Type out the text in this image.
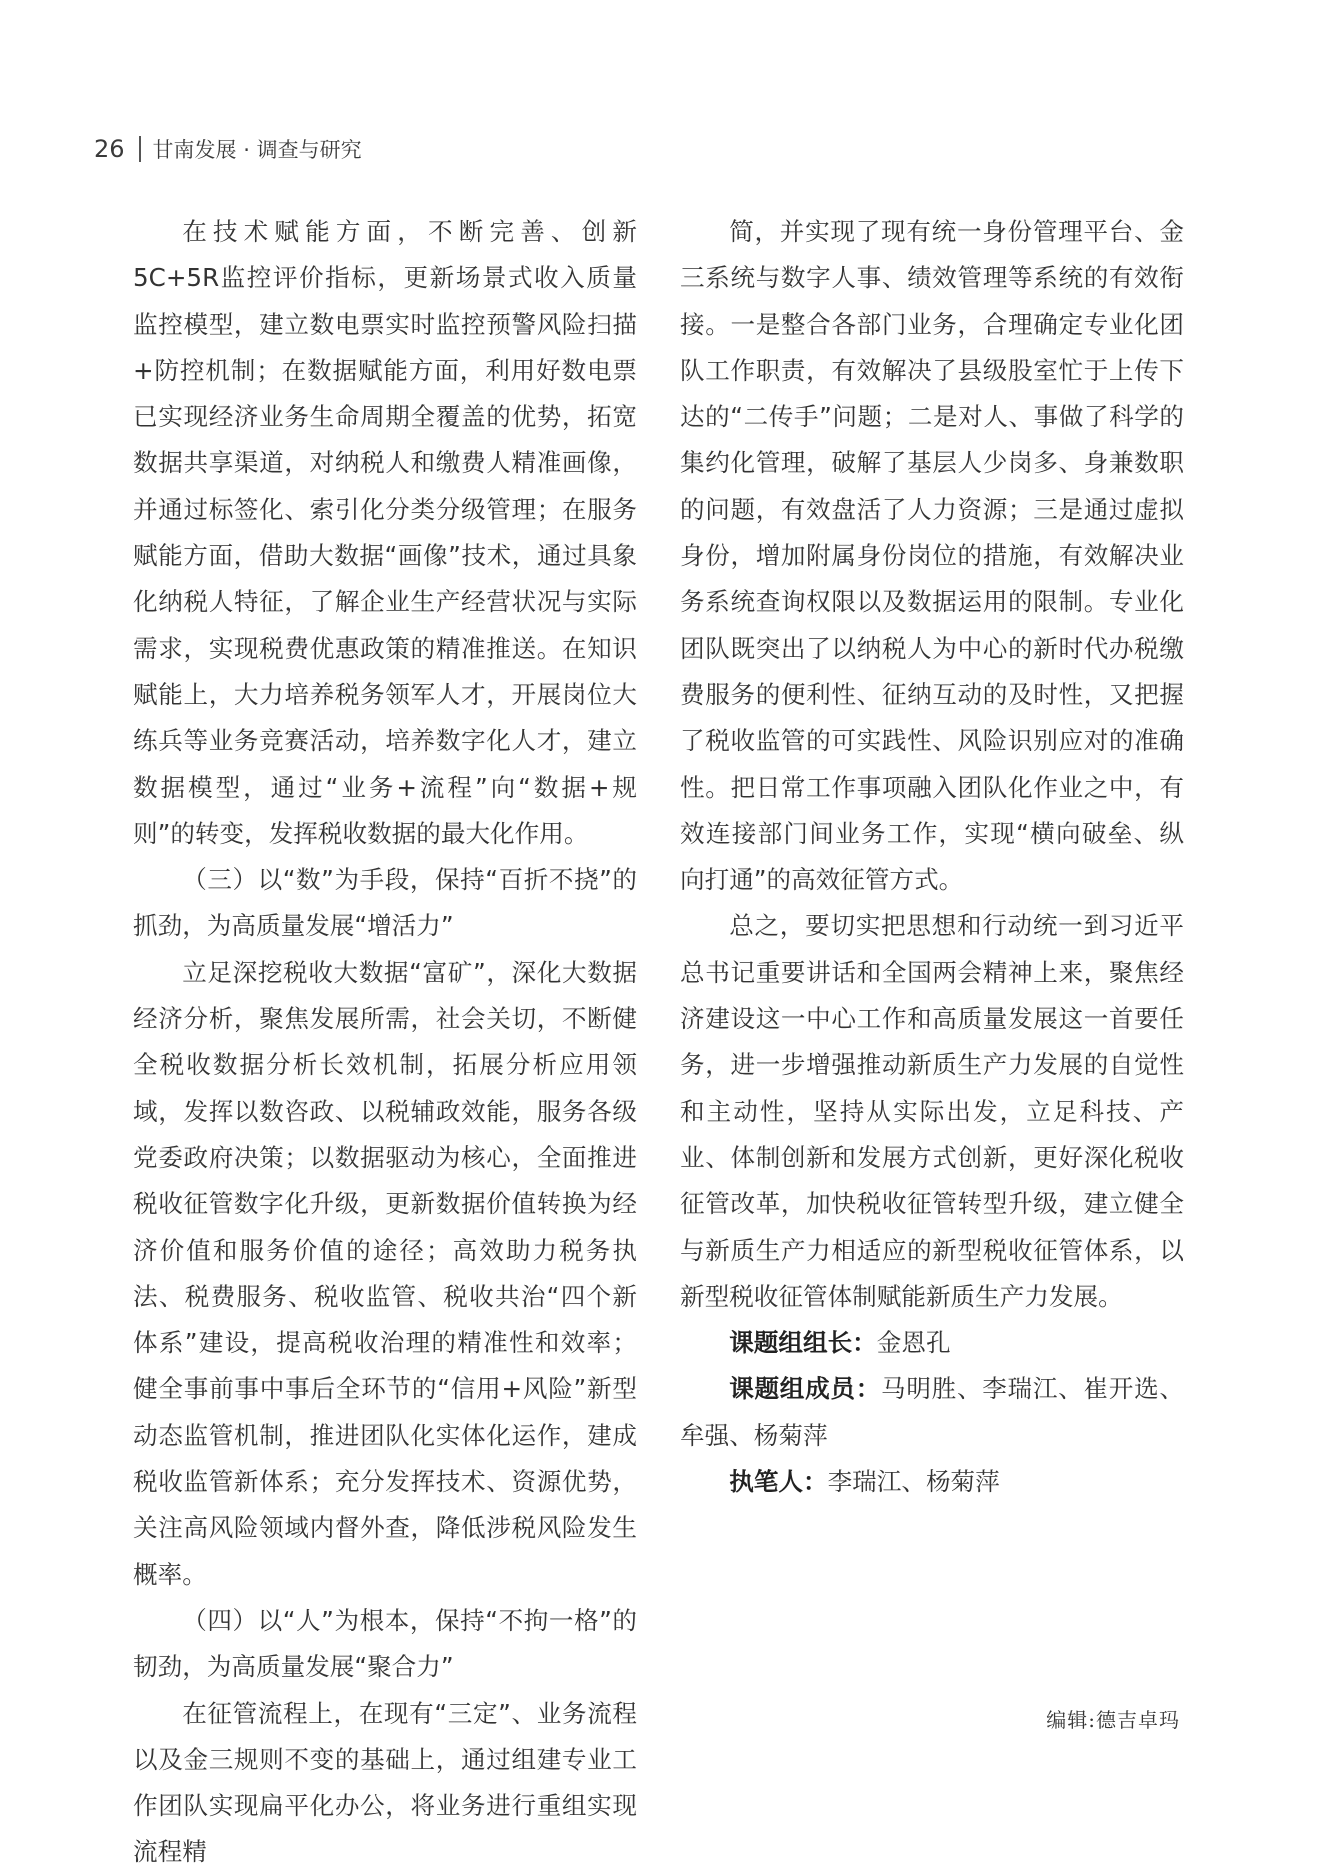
26 甘南发展 · 调查与研究

在技术赋能方面，不断完善、创新5C+5R监控评价指标，更新场景式收入质量监控模型，建立数电票实时监控预警风险扫描+防控机制；在数据赋能方面，利用好数电票已实现经济业务生命周期全覆盖的优势，拓宽数据共享渠道，对纳税人和缴费人精准画像，并通过标签化、索引化分类分级管理；在服务赋能方面，借助大数据“画像”技术，通过具象化纳税人特征，了解企业生产经营状况与实际需求，实现税费优惠政策的精准推送。在知识赋能上，大力培养税务领军人才，开展岗位大练兵等业务竞赛活动，培养数字化人才，建立数据模型，通过“业务+流程”向“数据+规则”的转变，发挥税收数据的最大化作用。

（三）以“数”为手段，保持“百折不挠”的抓劲，为高质量发展“增活力”

立足深挖税收大数据“富矿”，深化大数据经济分析，聚焦发展所需，社会关切，不断健全税收数据分析长效机制，拓展分析应用领域，发挥以数咨政、以税辅政效能，服务各级党委政府决策；以数据驱动为核心，全面推进税收征管数字化升级，更新数据价值转换为经济价值和服务价值的途径；高效助力税务执法、税费服务、税收监管、税收共治“四个新体系”建设，提高税收治理的精准性和效率；健全事前事中事后全环节的“信用+风险”新型动态监管机制，推进团队化实体化运作，建成税收监管新体系；充分发挥技术、资源优势，关注高风险领域内督外查，降低涉税风险发生概率。

（四）以“人”为根本，保持“不拘一格”的韧劲，为高质量发展“聚合力”

在征管流程上，在现有“三定”、业务流程以及金三规则不变的基础上，通过组建专业工作团队实现扁平化办公，将业务进行重组实现流程精

简，并实现了现有统一身份管理平台、金三系统与数字人事、绩效管理等系统的有效衔接。一是整合各部门业务，合理确定专业化团队工作职责，有效解决了县级股室忙于上传下达的“二传手”问题；二是对人、事做了科学的集约化管理，破解了基层人少岗多、身兼数职的问题，有效盘活了人力资源；三是通过虚拟身份，增加附属身份岗位的措施，有效解决业务系统查询权限以及数据运用的限制。专业化团队既突出了以纳税人为中心的新时代办税缴费服务的便利性、征纳互动的及时性，又把握了税收监管的可实践性、风险识别应对的准确性。把日常工作事项融入团队化作业之中，有效连接部门间业务工作，实现“横向破垒、纵向打通”的高效征管方式。

总之，要切实把思想和行动统一到习近平总书记重要讲话和全国两会精神上来，聚焦经济建设这一中心工作和高质量发展这一首要任务，进一步增强推动新质生产力发展的自觉性和主动性，坚持从实际出发，立足科技、产业、体制创新和发展方式创新，更好深化税收征管改革，加快税收征管转型升级，建立健全与新质生产力相适应的新型税收征管体系，以新型税收征管体制赋能新质生产力发展。

课题组组长：金恩孔
课题组成员：马明胜、李瑞江、崔开选、牟强、杨菊萍
执笔人：李瑞江、杨菊萍
编辑:德吉卓玛
